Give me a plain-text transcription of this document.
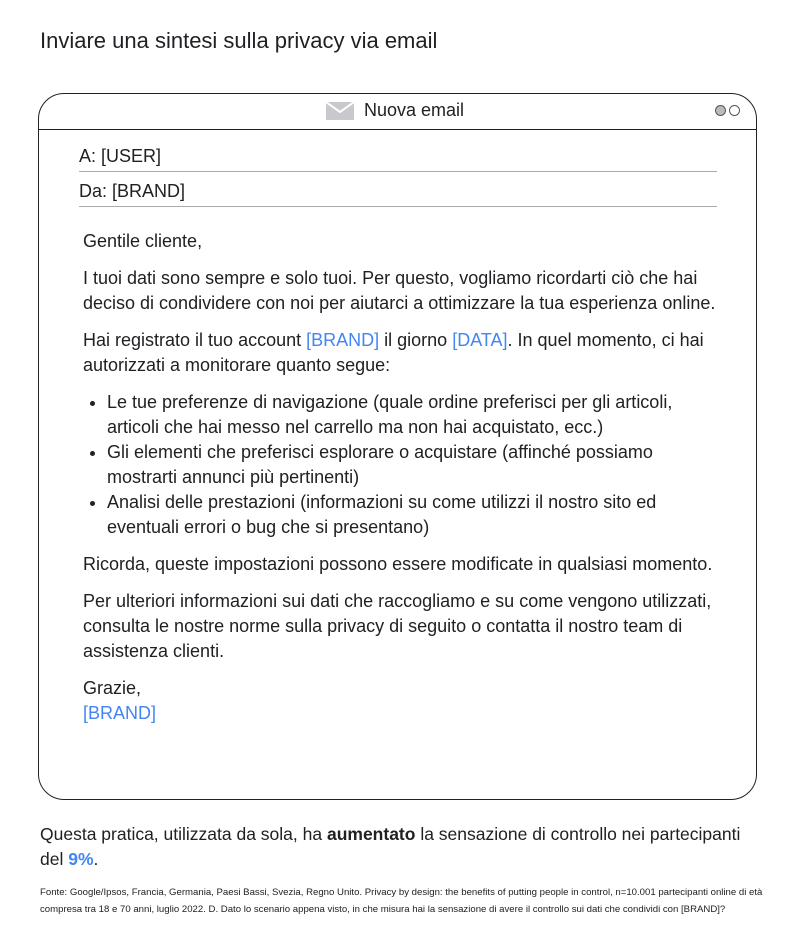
Inviare una sintesi sulla privacy via email
Nuova email
A: [USER]
Da: [BRAND]

Gentile cliente,

I tuoi dati sono sempre e solo tuoi. Per questo, vogliamo ricordarti ciò che hai deciso di condividere con noi per aiutarci a ottimizzare la tua esperienza online.

Hai registrato il tuo account [BRAND] il giorno [DATA]. In quel momento, ci hai autorizzati a monitorare quanto segue:

• Le tue preferenze di navigazione (quale ordine preferisci per gli articoli, articoli che hai messo nel carrello ma non hai acquistato, ecc.)
• Gli elementi che preferisci esplorare o acquistare (affinché possiamo mostrarti annunci più pertinenti)
• Analisi delle prestazioni (informazioni su come utilizzi il nostro sito ed eventuali errori o bug che si presentano)

Ricorda, queste impostazioni possono essere modificate in qualsiasi momento.

Per ulteriori informazioni sui dati che raccogliamo e su come vengono utilizzati, consulta le nostre norme sulla privacy di seguito o contatta il nostro team di assistenza clienti.

Grazie,

[BRAND]

Questa pratica, utilizzata da sola, ha aumentato la sensazione di controllo nei partecipanti del 9%.
Fonte: Google/Ipsos, Francia, Germania, Paesi Bassi, Svezia, Regno Unito. Privacy by design: the benefits of putting people in control, n=10.001 partecipanti online di età compresa tra 18 e 70 anni, luglio 2022. D. Dato lo scenario appena visto, in che misura hai la sensazione di avere il controllo sui dati che condividi con [BRAND]?
